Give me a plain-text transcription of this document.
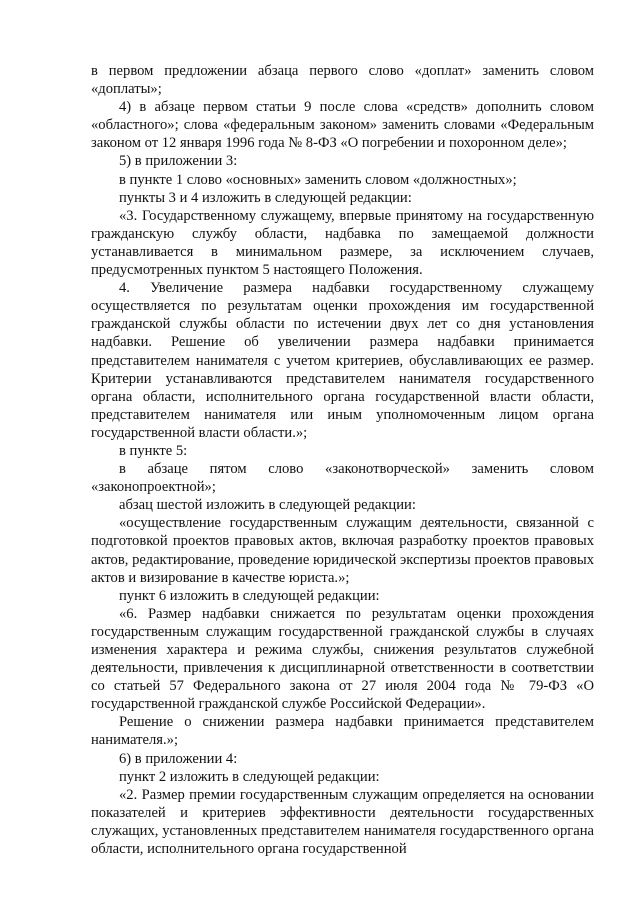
в первом предложении абзаца первого слово «доплат» заменить словом «доплаты»;

4) в абзаце первом статьи 9 после слова «средств» дополнить словом «областного»; слова «федеральным законом» заменить словами «Федеральным законом от 12 января 1996 года № 8-ФЗ «О погребении и похоронном деле»;

5) в приложении 3:

в пункте 1 слово «основных» заменить словом «должностных»;

пункты 3 и 4 изложить в следующей редакции:

«3. Государственному служащему, впервые принятому на государственную гражданскую службу области, надбавка по замещаемой должности устанавливается в минимальном размере, за исключением случаев, предусмотренных пунктом 5 настоящего Положения.

4. Увеличение размера надбавки государственному служащему осуществляется по результатам оценки прохождения им государственной гражданской службы области по истечении двух лет со дня установления надбавки. Решение об увеличении размера надбавки принимается представителем нанимателя с учетом критериев, обуславливающих ее размер. Критерии устанавливаются представителем нанимателя государственного органа области, исполнительного органа государственной власти области, представителем нанимателя или иным уполномоченным лицом органа государственной власти области.»;

в пункте 5:

в абзаце пятом слово «законотворческой» заменить словом «законопроектной»;

абзац шестой изложить в следующей редакции:

«осуществление государственным служащим деятельности, связанной с подготовкой проектов правовых актов, включая разработку проектов правовых актов, редактирование, проведение юридической экспертизы проектов правовых актов и визирование в качестве юриста.»;

пункт 6 изложить в следующей редакции:

«6. Размер надбавки снижается по результатам оценки прохождения государственным служащим государственной гражданской службы в случаях изменения характера и режима службы, снижения результатов служебной деятельности, привлечения к дисциплинарной ответственности в соответствии со статьей 57 Федерального закона от 27 июля 2004 года № 79-ФЗ «О государственной гражданской службе Российской Федерации».

Решение о снижении размера надбавки принимается представителем нанимателя.»;

6) в приложении 4:

пункт 2 изложить в следующей редакции:

«2. Размер премии государственным служащим определяется на основании показателей и критериев эффективности деятельности государственных служащих, установленных представителем нанимателя государственного органа области, исполнительного органа государственной
